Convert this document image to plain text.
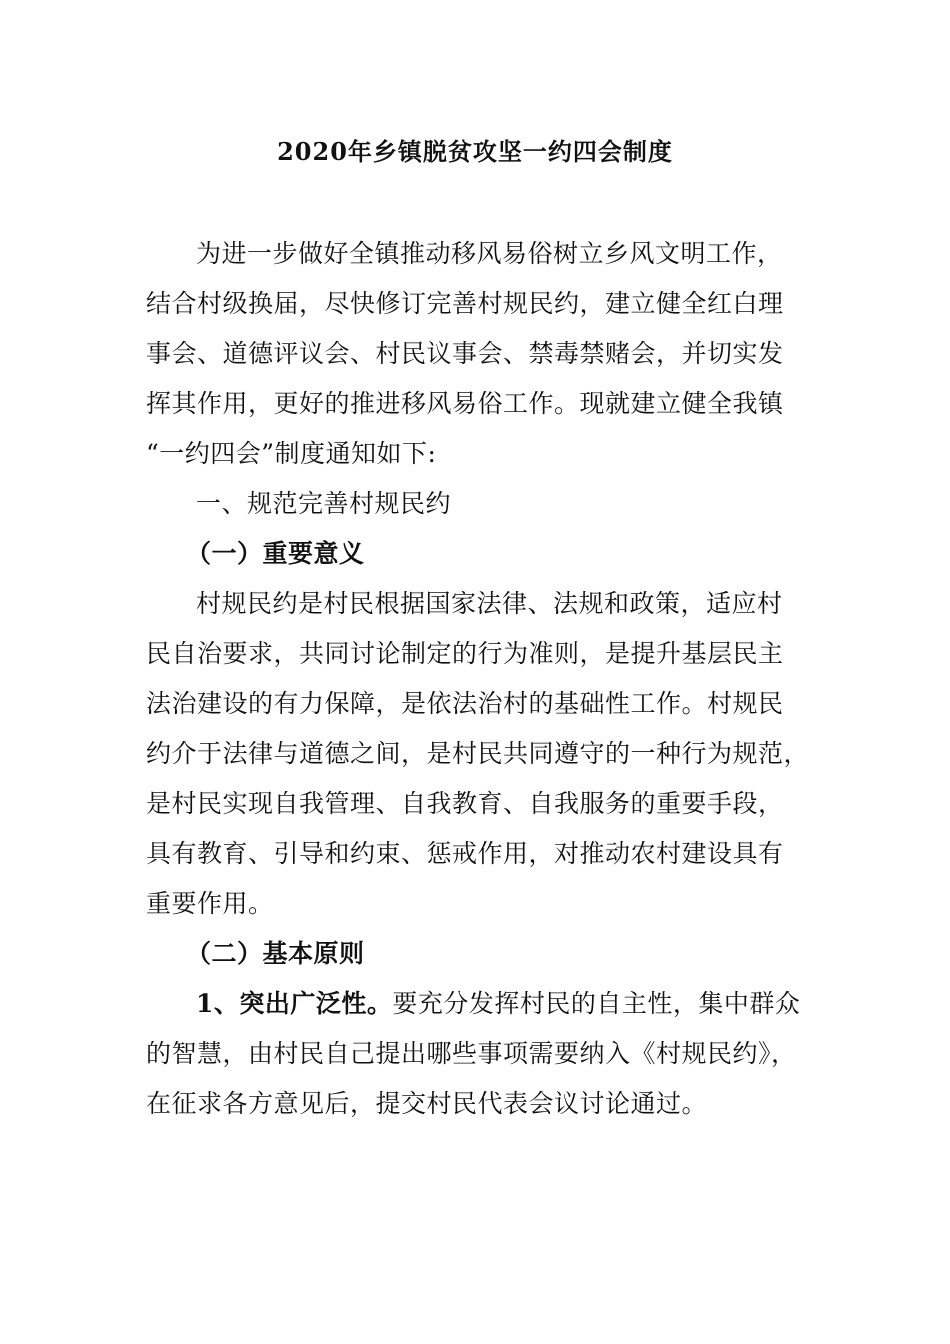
2020年乡镇脱贫攻坚一约四会制度
为进一步做好全镇推动移风易俗树立乡风文明工作，
结合村级换届，尽快修订完善村规民约，建立健全红白理
事会、道德评议会、村民议事会、禁毒禁赌会，并切实发
挥其作用，更好的推进移风易俗工作。现就建立健全我镇
“一约四会”制度通知如下:
一、规范完善村规民约
（一）重要意义
村规民约是村民根据国家法律、法规和政策，适应村
民自治要求，共同讨论制定的行为准则，是提升基层民主
法治建设的有力保障，是依法治村的基础性工作。村规民
约介于法律与道德之间，是村民共同遵守的一种行为规范，
是村民实现自我管理、自我教育、自我服务的重要手段，
具有教育、引导和约束、惩戒作用，对推动农村建设具有
重要作用。
（二）基本原则
1、突出广泛性。要充分发挥村民的自主性，集中群众
的智慧，由村民自己提出哪些事项需要纳入《村规民约》，
在征求各方意见后，提交村民代表会议讨论通过。
